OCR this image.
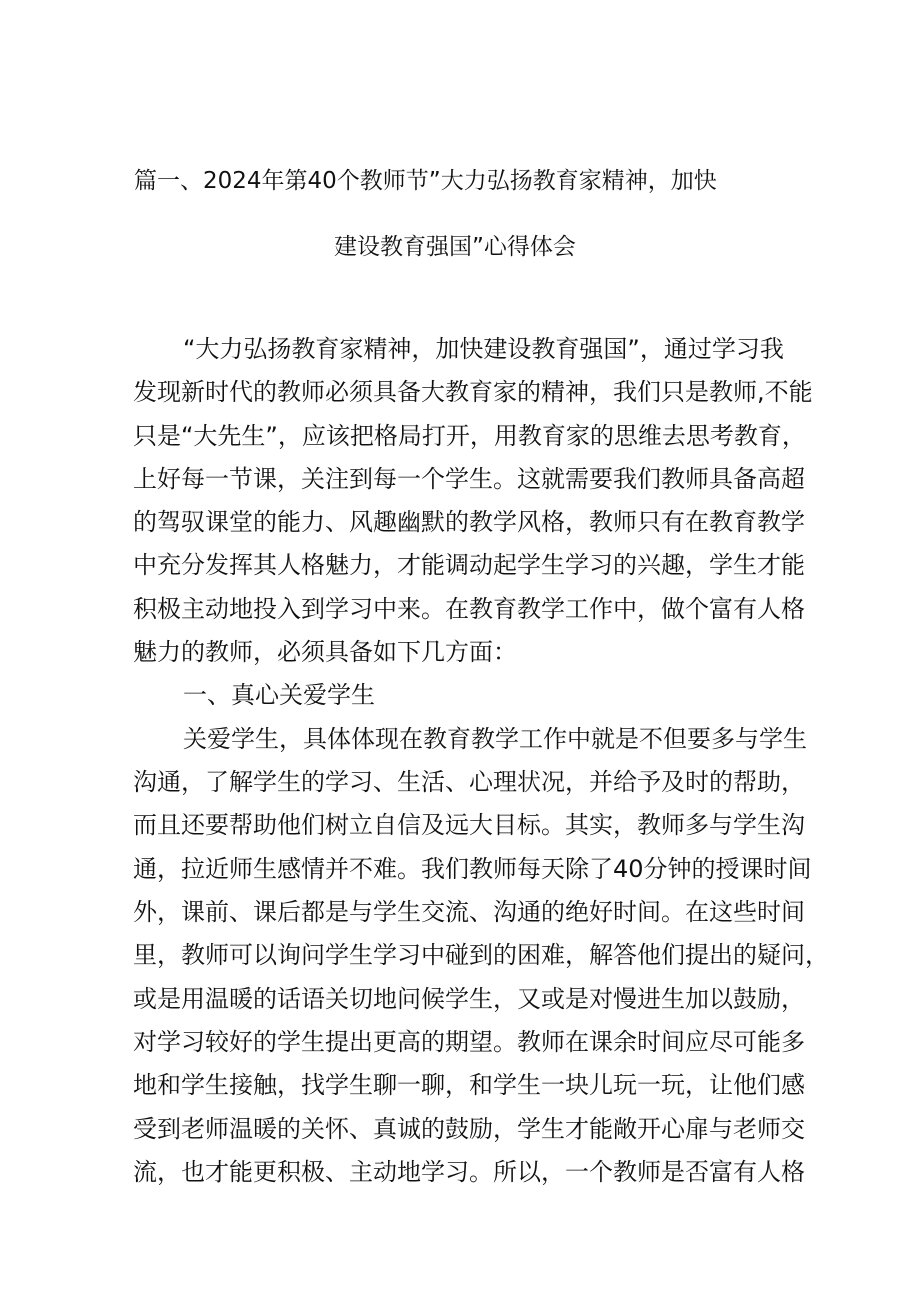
篇一、2024年第40个教师节”大力弘扬教育家精神，加快
建设教育强国”心得体会
“大力弘扬教育家精神，加快建设教育强国”，通过学习我
发现新时代的教师必须具备大教育家的精神，我们只是教师,不能
只是“大先生”，应该把格局打开，用教育家的思维去思考教育，
上好每一节课，关注到每一个学生。这就需要我们教师具备高超
的驾驭课堂的能力、风趣幽默的教学风格，教师只有在教育教学
中充分发挥其人格魅力，才能调动起学生学习的兴趣，学生才能
积极主动地投入到学习中来。在教育教学工作中，做个富有人格
魅力的教师，必须具备如下几方面：
一、真心关爱学生
关爱学生，具体体现在教育教学工作中就是不但要多与学生
沟通，了解学生的学习、生活、心理状况，并给予及时的帮助，
而且还要帮助他们树立自信及远大目标。其实，教师多与学生沟
通，拉近师生感情并不难。我们教师每天除了40分钟的授课时间
外，课前、课后都是与学生交流、沟通的绝好时间。在这些时间
里，教师可以询问学生学习中碰到的困难，解答他们提出的疑问，
或是用温暖的话语关切地问候学生，又或是对慢进生加以鼓励，
对学习较好的学生提出更高的期望。教师在课余时间应尽可能多
地和学生接触，找学生聊一聊，和学生一块儿玩一玩，让他们感
受到老师温暖的关怀、真诚的鼓励，学生才能敞开心扉与老师交
流，也才能更积极、主动地学习。所以，一个教师是否富有人格
